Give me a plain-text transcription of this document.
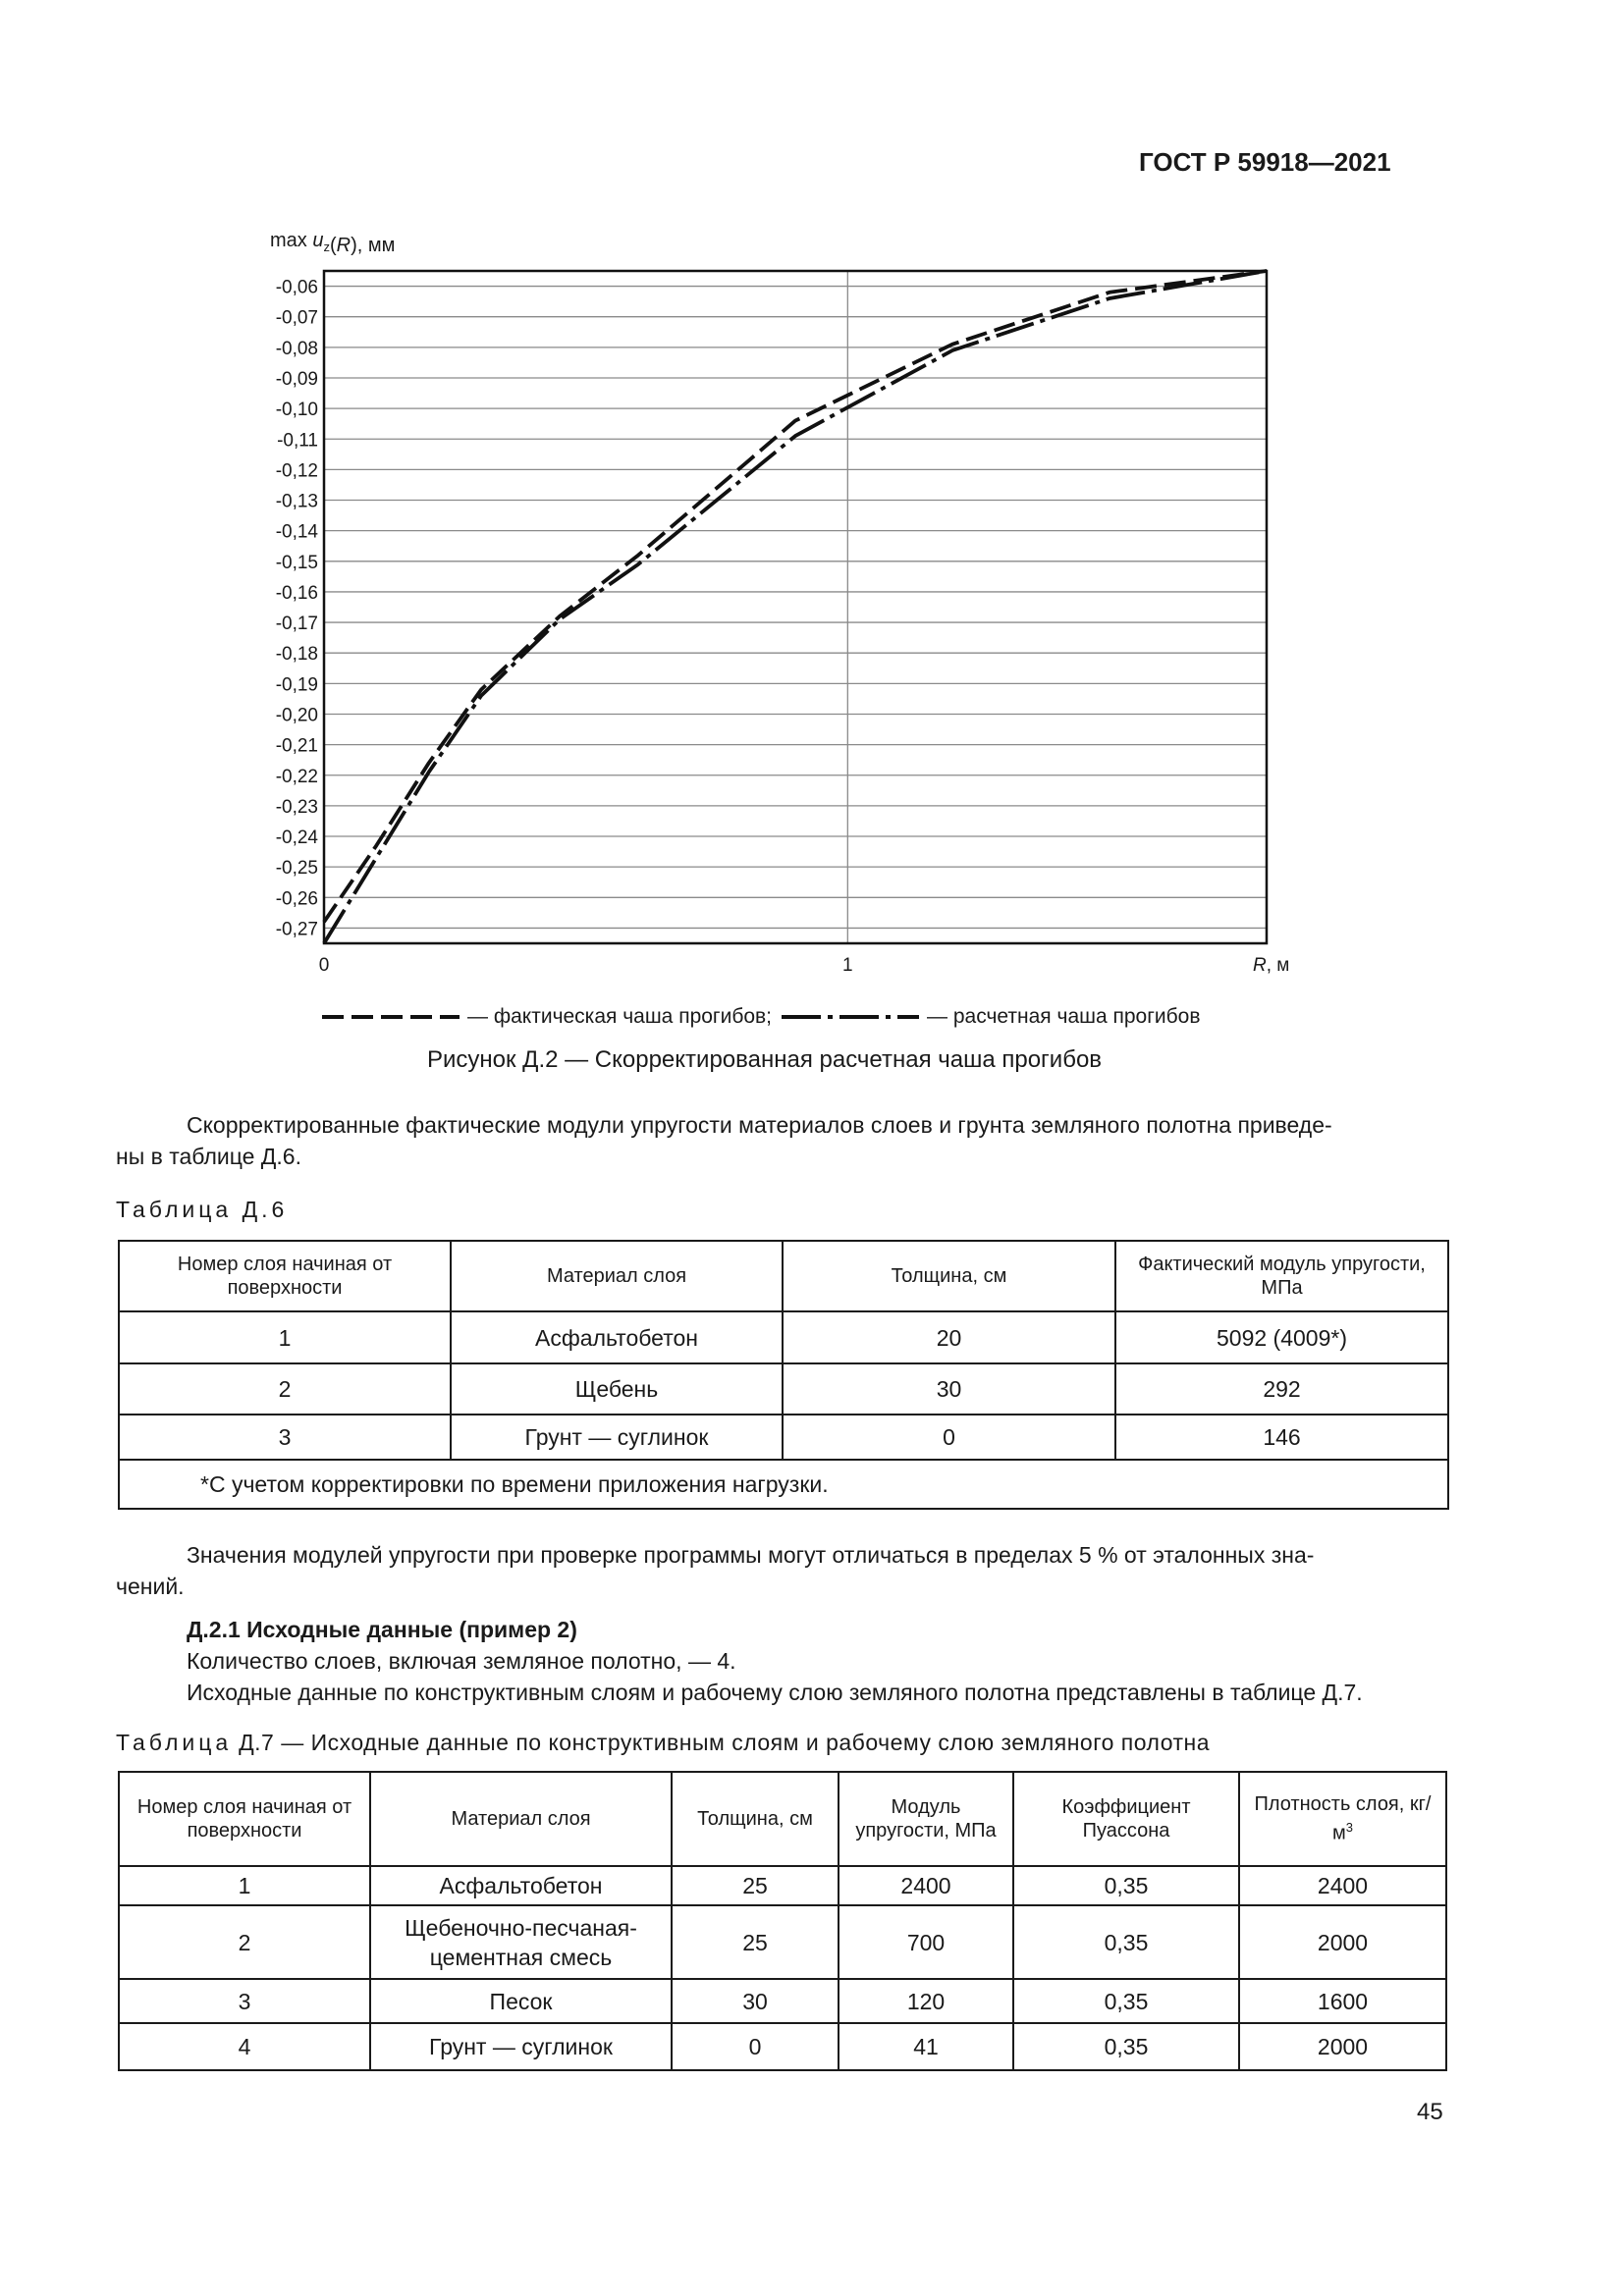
ГОСТ Р 59918—2021
-0,06
-0,07
-0,08
-0,09
-0,10
-0,11
-0,12
-0,13
-0,14
-0,15
-0,16
-0,17
-0,18
-0,19
-0,20
-0,21
-0,22
-0,23
-0,24
-0,25
-0,26
-0,27
0	1
$\max u_z(R)$, мм
R, м
— фактическая чаша прогибов;	— расчетная чаша прогибов
Рисунок Д.2 — Скорректированная расчетная чаша прогибов
Скорректированные фактические модули упругости материалов слоев и грунта земляного полотна приведе-
ны в таблице Д.6.
Таблица Д.6
Номер слоя начиная от поверхности	Материал слоя	Толщина, см	Фактический модуль упругости, МПа
1	Асфальтобетон	20	5092 (4009*)
2	Щебень	30	292
3	Грунт — суглинок	0	146
*С учетом корректировки по времени приложения нагрузки.			
Значения модулей упругости при проверке программы могут отличаться в пределах 5 % от эталонных зна-
чений.
Д.2.1 Исходные данные (пример 2)
Количество слоев, включая земляное полотно, — 4.
Исходные данные по конструктивным слоям и рабочему слою земляного полотна представлены в таблице Д.7.
Таблица Д.7 — Исходные данные по конструктивным слоям и рабочему слою земляного полотна
Номер слоя начиная от поверхности	Материал слоя	Толщина, см	Модуль упругости, МПа	Коэффициент Пуассона	Плотность слоя, $кг/м^3$
1	Асфальтобетон	25	2400	0,35	2400
2	Щебеночно-песчаная-цементная смесь	25	700	0,35	2000
3	Песок	30	120	0,35	1600
4	Грунт — суглинок	0	41	0,35	2000
45
